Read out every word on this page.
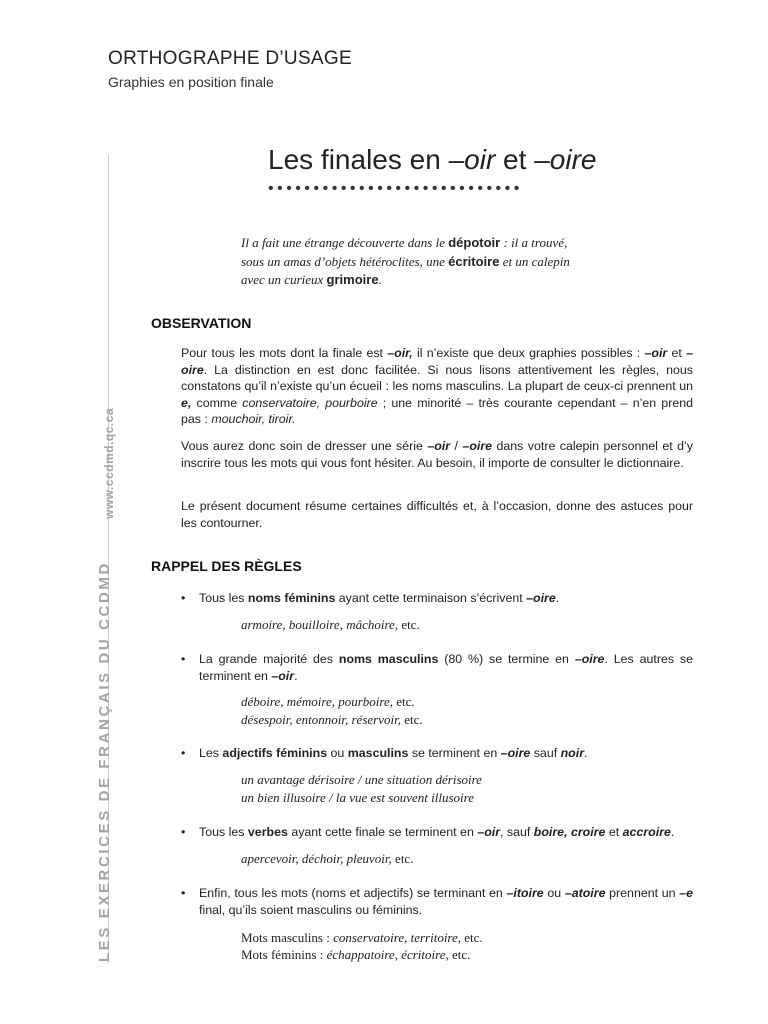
ORTHOGRAPHE D’USAGE
Graphies en position finale
LES EXERCICES DE FRANÇAIS DU CCDMD
www.ccdmd.qc.ca
Les finales en –oir et –oire
••••••••••••••••••••••••••••
Il a fait une étrange découverte dans le dépotoir : il a trouvé,
sous un amas d’objets hétéroclites, une écritoire et un calepin
avec un curieux grimoire.
OBSERVATION
Pour tous les mots dont la finale est –oir, il n’existe que deux graphies possibles : –oir et –oire. La distinction en est donc facilitée. Si nous lisons attentivement les règles, nous constatons qu’il n’existe qu’un écueil : les noms masculins. La plupart de ceux-ci prennent un e, comme conservatoire, pourboire ; une minorité – très courante cependant – n’en prend pas : mouchoir, tiroir.
Vous aurez donc soin de dresser une série –oir / –oire dans votre calepin personnel et d’y inscrire tous les mots qui vous font hésiter. Au besoin, il importe de consulter le dictionnaire.
Le présent document résume certaines difficultés et, à l’occasion, donne des astuces pour les contourner.
RAPPEL DES RÈGLES
• Tous les noms féminins ayant cette terminaison s’écrivent –oire.
armoire, bouilloire, mâchoire, etc.
• La grande majorité des noms masculins (80 %) se termine en –oire. Les autres se terminent en –oir.
déboire, mémoire, pourboire, etc.
désespoir, entonnoir, réservoir, etc.
• Les adjectifs féminins ou masculins se terminent en –oire sauf noir.
un avantage dérisoire / une situation dérisoire
un bien illusoire / la vue est souvent illusoire
• Tous les verbes ayant cette finale se terminent en –oir, sauf boire, croire et accroire.
apercevoir, déchoir, pleuvoir, etc.
• Enfin, tous les mots (noms et adjectifs) se terminant en –itoire ou –atoire prennent un –e final, qu’ils soient masculins ou féminins.
Mots masculins : conservatoire, territoire, etc.
Mots féminins : échappatoire, écritoire, etc.
